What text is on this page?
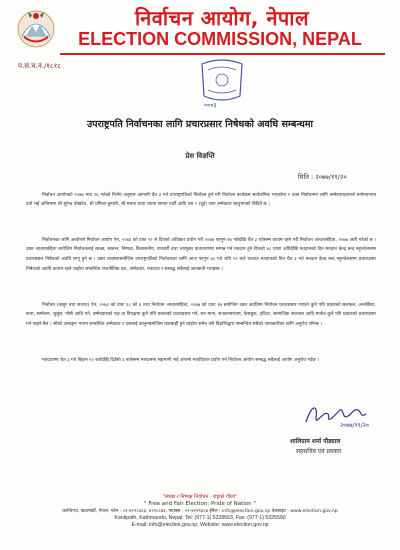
निर्वाचन आयोग, नेपाल
ELECTION COMMISSION, NEPAL
प.सं.च.नं./१८१८
०००३
उपराष्ट्रपति निर्वाचनका लागि प्रचारप्रसार निषेधको अवधि सम्बन्धमा
प्रेस विज्ञप्ति
मिति : २०७७/११/२०

निर्वाचन आयोगको २०७७ माघ १६ गतेको निर्णय अनुसार आगामी चैत ३ गते उपराष्ट्रपतिको निर्वाचन हुने गरी निर्वाचन कार्यक्रम सार्वजनिक भएकोमा २ उक्त निर्वाचनमा लागि उम्मेदवारहरूको मनोनयनपत्र दर्ता भई अन्तिममा श्री सुरेन्द्र पोखरेल, श्री प्रमिला कुमारी, श्री ममता थापा राप्रपा समता पार्टी आदि यस २ (दुई) जना उम्मेदवार रहनुभएको विदितै छ ।

निर्वाचनका लागि आयोगले निर्वाचन आयोग ऐन, २०७३ को दफा २२ ले दिएको अधिकार प्रयोग गरी २०७७ फागुन १७ गतेदेखि चैत ३ गतेसम्म कायम रहने गरी निर्वाचन आचारसंहिता, २०७७ जारी गरेको छ । उक्त आचारसंहिता बमोजिम निर्वाचनलाई स्वच्छ, स्वतन्त्र, निष्पक्ष, विश्वसनीय, पारदर्शी तथा भयमुक्त वातावरणमा सम्पन्न गर्न मतदान हुने दिनको ४८ घण्टा अघिदेखि मतदानको दिन मतदान केन्द्र बन्द नहुन्जेलसम्म प्रचारप्रसार निषेधको अवधि लागू हुने छ । उक्त व्यवस्थाबमोजिम उपराष्ट्रपतिको निर्वाचनका लागि आज फागुन ३० गते राति १२ बजे पश्चात मतदानको दिन चैत ३ गते मतदान केन्द्र बन्द नहुन्जेलसम्म प्रचारप्रसार निषेधको अवधि कायम रहने व्यहोरा सम्बन्धित राजनीतिक दल, उम्मेदवार, मतदाता र सम्बद्ध सबैलाई जानकारी गराइन्छ ।

निर्वाचन (कसुर तथा सजाय) ऐन, २०७३ को दफा १८ को ४ तथा निर्वाचन आचारसंहिता, २०७७ को दफा १७ बमोजिम उक्त अवधिमा निर्वाचन प्रचारप्रसार गराउने कुनै पनि प्रकारको छलफल, अन्तर्क्रिया, सभा, सम्मेलन, जुलुस, गोष्ठी आदि गर्न, उम्मेदवारको पक्ष वा विपक्षमा कुनै पनि प्रकारको प्रचारप्रसार गर्न, मत माग्न, सञ्चारमाध्यम, फेसबुक, ट्विटर, सामाजिक सञ्जाल आदि मार्फत कुनै पनि प्रकारको प्रचारप्रसार गर्न पाइने छैन । सोको उल्लङ्घन भएमा सम्बन्धित उम्मेदवार र दललाई कानुनबमोजिम कारबाही हुने व्यहोरा समेत यसै विज्ञप्तिद्वारा सम्बन्धित सबैको जानकारीका लागि अनुरोध गरिन्छ ।

मतदातामा चैत ३ गते बिहान १० बजेदेखि दिउँसो ३ बजेसम्म मतदानमा सहभागी भई आफ्नो मताधिकार प्रयोग गर्न निर्वाचन आयोग सम्बद्ध सबैलाई आयोग अनुरोध गर्दछ ।

२०७७/११/२०
शालिग्राम शर्मा पौड्याल
सहसचिव एवं प्रवक्ता
"स्वच्छ र निष्पक्ष निर्वाचन : राष्ट्रको गौरव"
" Free and Fair Election: Pride of Nation "
कान्तिपथ, काठमाडौं, नेपाल, फोन : ०१-४२२८६६३, ४२२८८७३, फ्याक्स : ०१-४२२९४८७ ईमेल : info@election.gov.np वेबसाइट : www.election.gov.np
Kantipath, Kathmandu, Nepal, Tel: (977-1) 5328663, Fax: (977-1) 5325590
E-mail: info@election.gov.np, Website: www.election.gov.np
